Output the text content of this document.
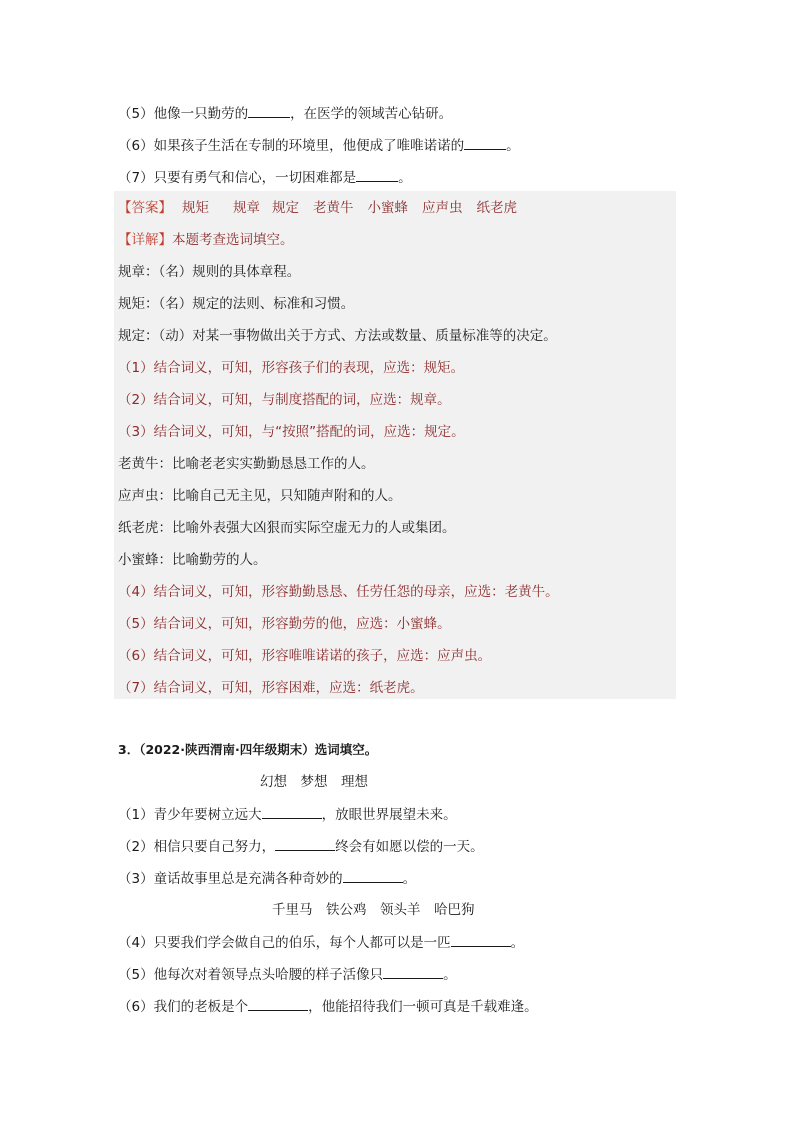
（5）他像一只勤劳的	，在医学的领域苦心钻研。
（6）如果孩子生活在专制的环境里，他便成了唯唯诺诺的	。
（7）只要有勇气和信心，一切困难都是	。
【答案】 规矩 规章 规定 老黄牛 小蜜蜂 应声虫 纸老虎
【详解】本题考查选词填空。
规章：（名）规则的具体章程。
规矩：（名）规定的法则、标准和习惯。
规定：（动）对某一事物做出关于方式、方法或数量、质量标准等的决定。
（1）结合词义，可知，形容孩子们的表现，应选：规矩。
（2）结合词义，可知，与制度搭配的词，应选：规章。
（3）结合词义，可知，与“按照”搭配的词，应选：规定。
老黄牛：比喻老老实实勤勤恳恳工作的人。
应声虫：比喻自己无主见，只知随声附和的人。
纸老虎：比喻外表强大凶狠而实际空虚无力的人或集团。
小蜜蜂：比喻勤劳的人。
（4）结合词义，可知，形容勤勤恳恳、任劳任怨的母亲，应选：老黄牛。
（5）结合词义，可知，形容勤劳的他，应选：小蜜蜂。
（6）结合词义，可知，形容唯唯诺诺的孩子，应选：应声虫。
（7）结合词义，可知，形容困难，应选：纸老虎。
3．（2022·陕西渭南·四年级期末）选词填空。
幻想　梦想　理想
（1）青少年要树立远大	，放眼世界展望未来。
（2）相信只要自己努力，	终会有如愿以偿的一天。
（3）童话故事里总是充满各种奇妙的	。
千里马　铁公鸡　领头羊　哈巴狗
（4）只要我们学会做自己的伯乐，每个人都可以是一匹	。
（5）他每次对着领导点头哈腰的样子活像只	。
（6）我们的老板是个	，他能招待我们一顿可真是千载难逢。
